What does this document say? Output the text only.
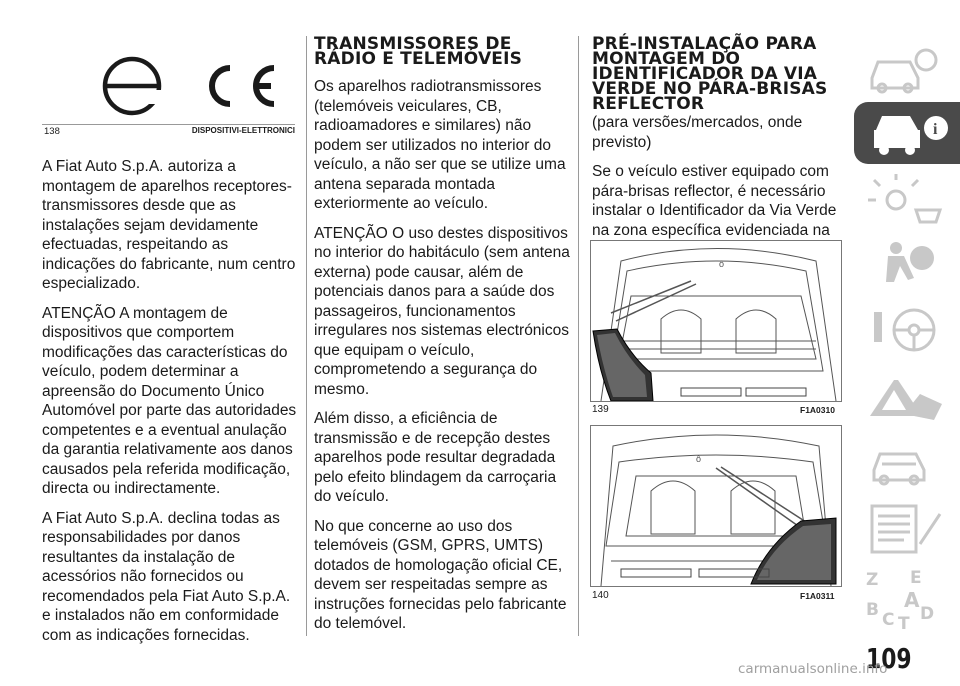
138	DISPOSITIVI-ELETTRONICI

A Fiat Auto S.p.A. autoriza a montagem de aparelhos receptores-transmissores desde que as instalações sejam devidamente efectuadas, respeitando as indicações do fabricante, num centro especializado.

ATENÇÃO A montagem de dispositivos que comportem modificações das características do veículo, podem determinar a apreensão do Documento Único Automóvel por parte das autoridades competentes e a eventual anulação da garantia relativamente aos danos causados pela referida modificação, directa ou indirectamente.

A Fiat Auto S.p.A. declina todas as responsabilidades por danos resultantes da instalação de acessórios não fornecidos ou recomendados pela Fiat Auto S.p.A. e instalados não em conformidade com as indicações fornecidas.

TRANSMISSORES DE
RÁDIO E TELEMÓVEIS

Os aparelhos radiotransmissores (telemóveis veiculares, CB, radioamadores e similares) não podem ser utilizados no interior do veículo, a não ser que se utilize uma antena separada montada exteriormente ao veículo.

ATENÇÃO O uso destes dispositivos no interior do habitáculo (sem antena externa) pode causar, além de potenciais danos para a saúde dos passageiros, funcionamentos irregulares nos sistemas electrónicos que equipam o veículo, comprometendo a segurança do mesmo.

Além disso, a eficiência de transmissão e de recepção destes aparelhos pode resultar degradada pelo efeito blindagem da carroçaria do veículo.

No que concerne ao uso dos telemóveis (GSM, GPRS, UMTS) dotados de homologação oficial CE, devem ser respeitadas sempre as instruções fornecidas pelo fabricante do telemóvel.

PRÉ-INSTALAÇÃO PARA
MONTAGEM DO
IDENTIFICADOR DA VIA
VERDE NO PÁRA-BRISAS
REFLECTOR

(para versões/mercados, onde previsto)

Se o veículo estiver equipado com pára-brisas reflector, é necessário instalar o Identificador da Via Verde na zona específica evidenciada na

ô
139	F1A0310
ô
140	F1A0311
i
Z E
A
B C T D
109
carmanualsonline.info
